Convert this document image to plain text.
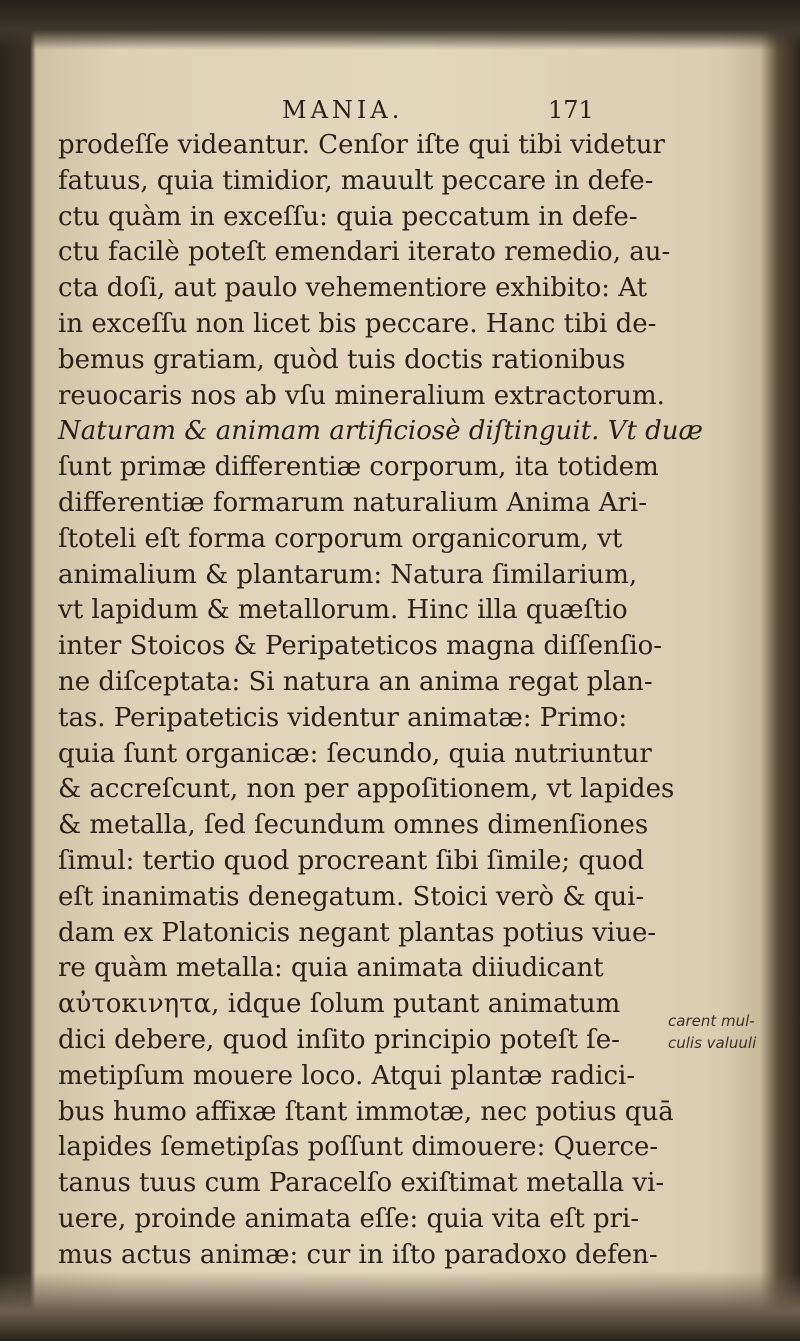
MANIA.	171
prodeſſe videantur. Cenſor iſte qui tibi videtur
fatuus, quia timidior, mauult peccare in defe-
ctu quàm in exceſſu: quia peccatum in defe-
ctu facilè poteſt emendari iterato remedio, au-
cta doſi, aut paulo vehementiore exhibito: At
in exceſſu non licet bis peccare. Hanc tibi de-
bemus gratiam, quòd tuis doctis rationibus
reuocaris nos ab vſu mineralium extractorum.
Naturam & animam artificiosè diſtinguit. Vt duæ
ſunt primæ differentiæ corporum, ita totidem
differentiæ formarum naturalium Anima Ari-
ſtoteli eſt forma corporum organicorum, vt
animalium & plantarum: Natura ſimilarium,
vt lapidum & metallorum. Hinc illa quæſtio
inter Stoicos & Peripateticos magna diſſenſio-
ne diſceptata: Si natura an anima regat plan-
tas. Peripateticis videntur animatæ: Primo:
quia ſunt organicæ: ſecundo, quia nutriuntur
& accreſcunt, non per appoſitionem, vt lapides
& metalla, ſed ſecundum omnes dimenſiones
ſimul: tertio quod procreant ſibi ſimile; quod
eſt inanimatis denegatum. Stoici verò & qui-
dam ex Platonicis negant plantas potius viue-
re quàm metalla: quia animata diiudicant
αὐτοκινητα, idque ſolum putant animatum
dici debere, quod inſito principio poteſt ſe-
metipſum mouere loco. Atqui plantæ radici-
bus humo affixæ ſtant immotæ, nec potius quā
lapides ſemetipſas poſſunt dimouere: Querce-
tanus tuus cum Paracelſo exiſtimat metalla vi-
uere, proinde animata eſſe: quia vita eſt pri-
mus actus animæ: cur in iſto paradoxo defen-
carent mul-
culis valuuli
